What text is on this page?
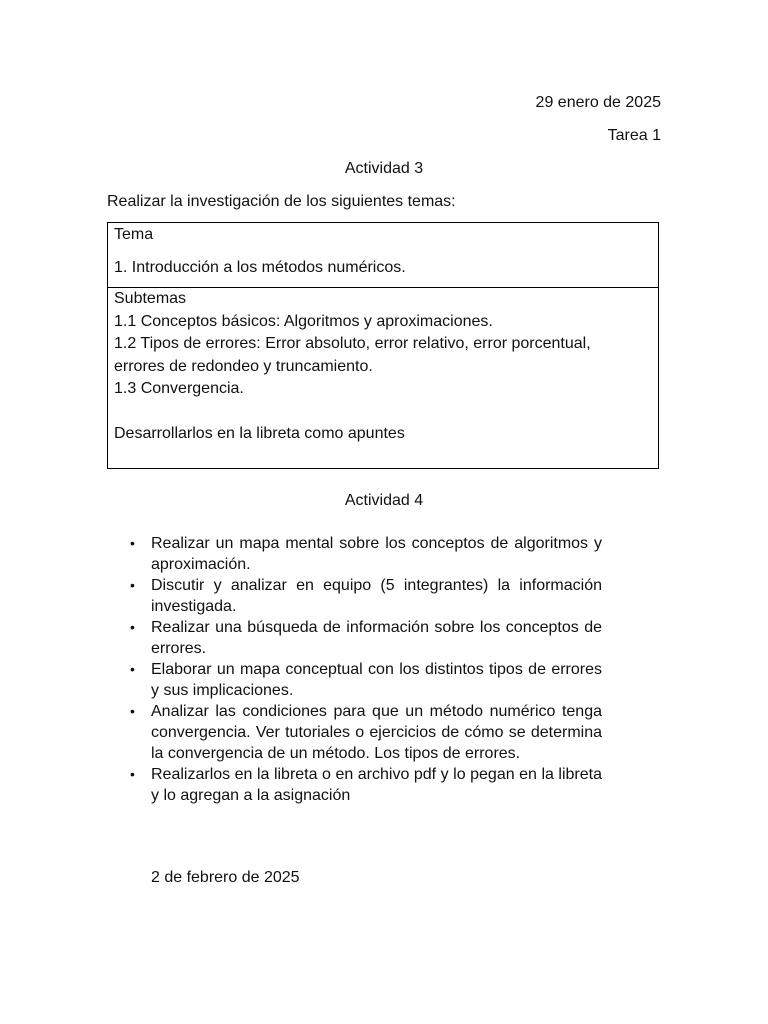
29 enero de 2025
Tarea 1
Actividad 3
Realizar la investigación de los siguientes temas:
Tema
1. Introducción a los métodos numéricos.
Subtemas
1.1 Conceptos básicos: Algoritmos y aproximaciones.
1.2 Tipos de errores: Error absoluto, error relativo, error porcentual,
errores de redondeo y truncamiento.
1.3 Convergencia.
Desarrollarlos en la libreta como apuntes
Actividad 4
• Realizar un mapa mental sobre los conceptos de algoritmos y aproximación.
• Discutir y analizar en equipo (5 integrantes) la información investigada.
• Realizar una búsqueda de información sobre los conceptos de errores.
• Elaborar un mapa conceptual con los distintos tipos de errores y sus implicaciones.
• Analizar las condiciones para que un método numérico tenga convergencia. Ver tutoriales o ejercicios de cómo se determina la convergencia de un método. Los tipos de errores.
• Realizarlos en la libreta o en archivo pdf y lo pegan en la libreta y lo agregan a la asignación
2 de febrero de 2025
